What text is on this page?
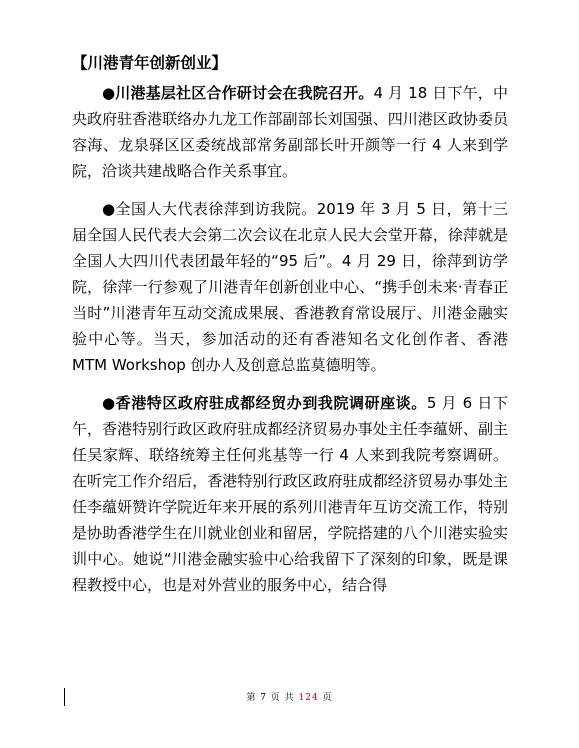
【川港青年创新创业】

●川港基层社区合作研讨会在我院召开。4 月 18 日下午，中央政府驻香港联络办九龙工作部副部长刘国强、四川港区政协委员容海、龙泉驿区区委统战部常务副部长叶开颜等一行 4 人来到学院，洽谈共建战略合作关系事宜。

●全国人大代表徐萍到访我院。2019 年 3 月 5 日，第十三届全国人民代表大会第二次会议在北京人民大会堂开幕，徐萍就是全国人大四川代表团最年轻的“95 后”。4 月 29 日，徐萍到访学院，徐萍一行参观了川港青年创新创业中心、“携手创未来·青春正当时”川港青年互动交流成果展、香港教育常设展厅、川港金融实验中心等。当天，参加活动的还有香港知名文化创作者、香港 MTM Workshop 创办人及创意总监莫德明等。

●香港特区政府驻成都经贸办到我院调研座谈。5 月 6 日下午，香港特别行政区政府驻成都经济贸易办事处主任李蕴妍、副主任吴家辉、联络统筹主任何兆基等一行 4 人来到我院考察调研。在听完工作介绍后，香港特别行政区政府驻成都经济贸易办事处主任李蕴妍赞许学院近年来开展的系列川港青年互访交流工作，特别是协助香港学生在川就业创业和留居，学院搭建的八个川港实验实训中心。她说“川港金融实验中心给我留下了深刻的印象，既是课程教授中心，也是对外营业的服务中心，结合得

第 7 页 共 124 页
